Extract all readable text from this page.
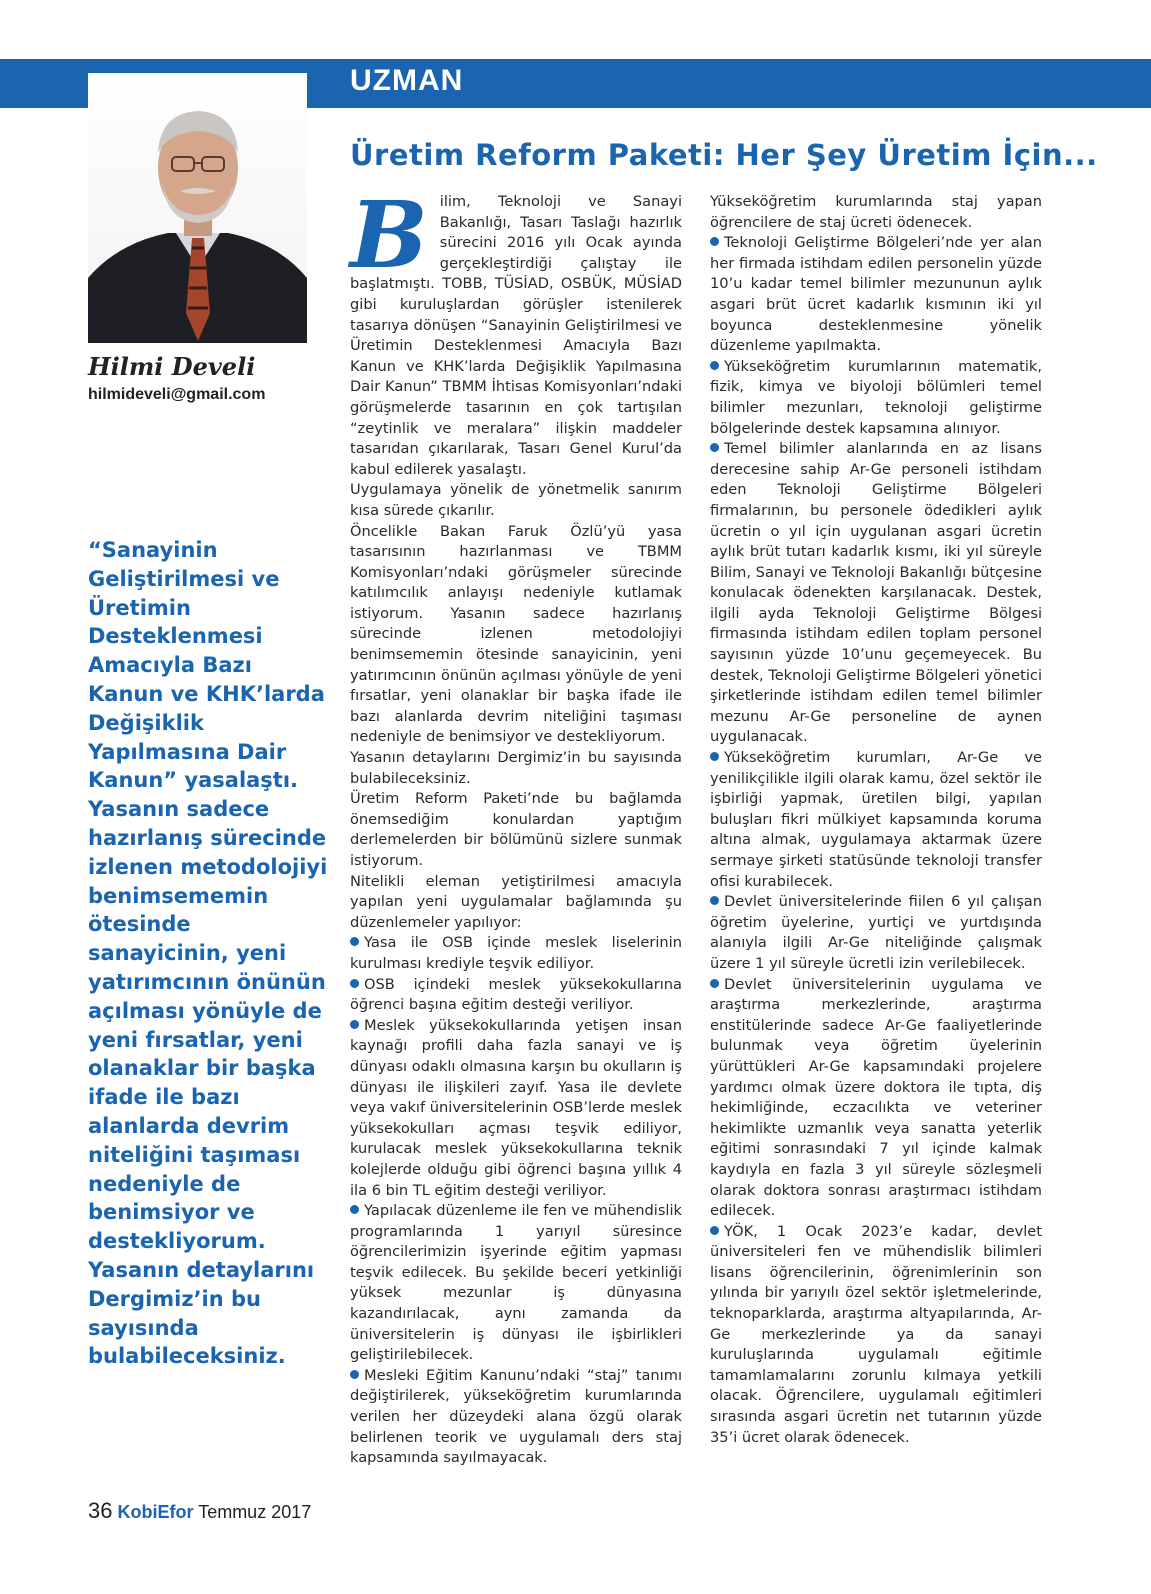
UZMAN
Hilmi Develi
hilmideveli@gmail.com
“Sanayinin Geliştirilmesi ve Üretimin Desteklenmesi Amacıyla Bazı Kanun ve KHK’larda Değişiklik Yapılmasına Dair Kanun” yasalaştı. Yasanın sadece hazırlanış sürecinde izlenen metodolojiyi benimsememin ötesinde sanayicinin, yeni yatırımcının önünün açılması yönüyle de yeni fırsatlar, yeni olanaklar bir başka ifade ile bazı alanlarda devrim niteliğini taşıması nedeniyle de benimsiyor ve destekliyorum. Yasanın detaylarını Dergimiz’in bu sayısında bulabileceksiniz.
Üretim Reform Paketi: Her Şey Üretim İçin...

Bilim, Teknoloji ve Sanayi Bakanlığı, Tasarı Taslağı hazırlık sürecini 2016 yılı Ocak ayında gerçekleştirdiği çalıştay ile başlatmıştı. TOBB, TÜSİAD, OSBÜK, MÜSİAD gibi kuruluşlardan görüşler istenilerek tasarıya dönüşen “Sanayinin Geliştirilmesi ve Üretimin Desteklenmesi Amacıyla Bazı Kanun ve KHK’larda Değişiklik Yapılmasına Dair Kanun” TBMM İhtisas Komisyonları’ndaki görüşmelerde tasarının en çok tartışılan “zeytinlik ve meralara” ilişkin maddeler tasarıdan çıkarılarak, Tasarı Genel Kurul’da kabul edilerek yasalaştı.

Uygulamaya yönelik de yönetmelik sanırım kısa sürede çıkarılır.

Öncelikle Bakan Faruk Özlü’yü yasa tasarısının hazırlanması ve TBMM Komisyonları’ndaki görüşmeler sürecinde katılımcılık anlayışı nedeniyle kutlamak istiyorum. Yasanın sadece hazırlanış sürecinde izlenen metodolojiyi benimsememin ötesinde sanayicinin, yeni yatırımcının önünün açılması yönüyle de yeni fırsatlar, yeni olanaklar bir başka ifade ile bazı alanlarda devrim niteliğini taşıması nedeniyle de benimsiyor ve destekliyorum.

Yasanın detaylarını Dergimiz’in bu sayısında bulabileceksiniz.

Üretim Reform Paketi’nde bu bağlamda önemsediğim konulardan yaptığım derlemelerden bir bölümünü sizlere sunmak istiyorum.

Nitelikli eleman yetiştirilmesi amacıyla yapılan yeni uygulamalar bağlamında şu düzenlemeler yapılıyor:

Yasa ile OSB içinde meslek liselerinin kurulması krediyle teşvik ediliyor.

OSB içindeki meslek yüksekokullarına öğrenci başına eğitim desteği veriliyor.

Meslek yüksekokullarında yetişen insan kaynağı profili daha fazla sanayi ve iş dünyası odaklı olmasına karşın bu okulların iş dünyası ile ilişkileri zayıf. Yasa ile devlete veya vakıf üniversitelerinin OSB’lerde meslek yüksekokulları açması teşvik ediliyor, kurulacak meslek yüksekokullarına teknik kolejlerde olduğu gibi öğrenci başına yıllık 4 ila 6 bin TL eğitim desteği veriliyor.

Yapılacak düzenleme ile fen ve mühendislik programlarında 1 yarıyıl süresince öğrencilerimizin işyerinde eğitim yapması teşvik edilecek. Bu şekilde beceri yetkinliği yüksek mezunlar iş dünyasına kazandırılacak, aynı zamanda da üniversitelerin iş dünyası ile işbirlikleri geliştirilebilecek.

Mesleki Eğitim Kanunu’ndaki “staj” tanımı değiştirilerek, yükseköğretim kurumlarında verilen her düzeydeki alana özgü olarak belirlenen teorik ve uygulamalı ders staj kapsamında sayılmayacak.

Yükseköğretim kurumlarında staj yapan öğrencilere de staj ücreti ödenecek.

Teknoloji Geliştirme Bölgeleri’nde yer alan her firmada istihdam edilen personelin yüzde 10’u kadar temel bilimler mezununun aylık asgari brüt ücret kadarlık kısmının iki yıl boyunca desteklenmesine yönelik düzenleme yapılmakta.

Yükseköğretim kurumlarının matematik, fizik, kimya ve biyoloji bölümleri temel bilimler mezunları, teknoloji geliştirme bölgelerinde destek kapsamına alınıyor.

Temel bilimler alanlarında en az lisans derecesine sahip Ar-Ge personeli istihdam eden Teknoloji Geliştirme Bölgeleri firmalarının, bu personele ödedikleri aylık ücretin o yıl için uygulanan asgari ücretin aylık brüt tutarı kadarlık kısmı, iki yıl süreyle Bilim, Sanayi ve Teknoloji Bakanlığı bütçesine konulacak ödenekten karşılanacak. Destek, ilgili ayda Teknoloji Geliştirme Bölgesi firmasında istihdam edilen toplam personel sayısının yüzde 10’unu geçemeyecek. Bu destek, Teknoloji Geliştirme Bölgeleri yönetici şirketlerinde istihdam edilen temel bilimler mezunu Ar-Ge personeline de aynen uygulanacak.

Yükseköğretim kurumları, Ar-Ge ve yenilikçilikle ilgili olarak kamu, özel sektör ile işbirliği yapmak, üretilen bilgi, yapılan buluşları fikri mülkiyet kapsamında koruma altına almak, uygulamaya aktarmak üzere sermaye şirketi statüsünde teknoloji transfer ofisi kurabilecek.

Devlet üniversitelerinde fiilen 6 yıl çalışan öğretim üyelerine, yurtiçi ve yurtdışında alanıyla ilgili Ar-Ge niteliğinde çalışmak üzere 1 yıl süreyle ücretli izin verilebilecek.

Devlet üniversitelerinin uygulama ve araştırma merkezlerinde, araştırma enstitülerinde sadece Ar-Ge faaliyetlerinde bulunmak veya öğretim üyelerinin yürüttükleri Ar-Ge kapsamındaki projelere yardımcı olmak üzere doktora ile tıpta, diş hekimliğinde, eczacılıkta ve veteriner hekimlikte uzmanlık veya sanatta yeterlik eğitimi sonrasındaki 7 yıl içinde kalmak kaydıyla en fazla 3 yıl süreyle sözleşmeli olarak doktora sonrası araştırmacı istihdam edilecek.

YÖK, 1 Ocak 2023’e kadar, devlet üniversiteleri fen ve mühendislik bilimleri lisans öğrencilerinin, öğrenimlerinin son yılında bir yarıyılı özel sektör işletmelerinde, teknoparklarda, araştırma altyapılarında, Ar-Ge merkezlerinde ya da sanayi kuruluşlarında uygulamalı eğitimle tamamlamalarını zorunlu kılmaya yetkili olacak. Öğrencilere, uygulamalı eğitimleri sırasında asgari ücretin net tutarının yüzde 35’i ücret olarak ödenecek.

36 KobiEfor Temmuz 2017
